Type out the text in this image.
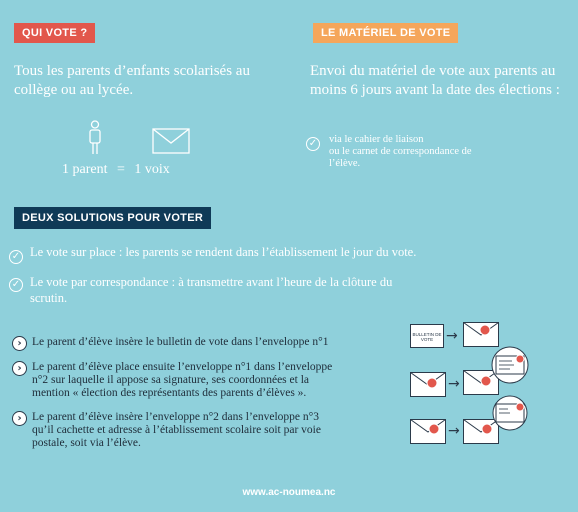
QUI VOTE ?	LE MATÉRIEL DE VOTE
Tous les parents d’enfants scolarisés au collège ou au lycée.
1 parent = 1 voix
Envoi du matériel de vote aux parents au moins 6 jours avant la date des élections :
✓ via le cahier de liaison
ou le carnet de correspondance de
l’élève.
DEUX SOLUTIONS POUR VOTER
✓ Le vote sur place : les parents se rendent dans l’établissement le jour du vote.
✓ Le vote par correspondance : à transmettre avant l’heure de la clôture du
scrutin.
› Le parent d’élève insère le bulletin de vote dans l’enveloppe n°1
› Le parent d’élève place ensuite l’enveloppe n°1 dans l’enveloppe
n°2 sur laquelle il appose sa signature, ses coordonnées et la
mention « élection des représentants des parents d’élèves ».
› Le parent d’élève insère l’enveloppe n°2 dans l’enveloppe n°3
qu’il cachette et adresse à l’établissement scolaire soit par voie
postale, soit via l’élève.
BULLETIN DE VOTE →
→
→
www.ac-noumea.nc
